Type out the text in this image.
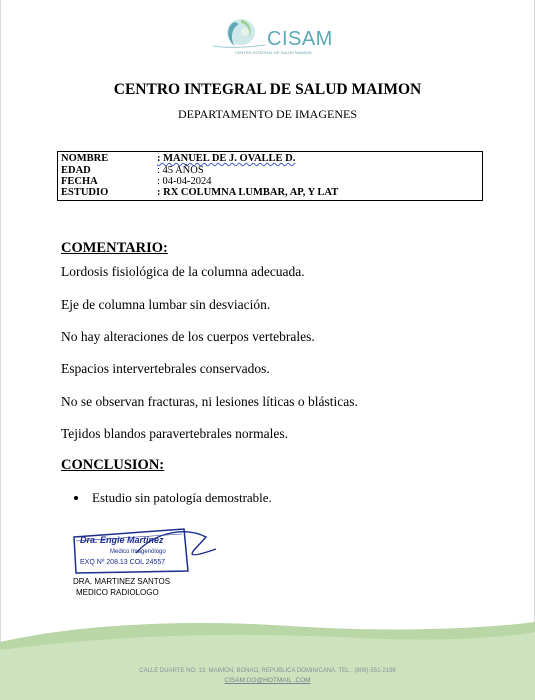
CISAM
CENTRO INTEGRAL DE SALUD MAIMON
CENTRO INTEGRAL DE SALUD MAIMON
DEPARTAMENTO DE IMAGENES
NOMBRE	: MANUEL DE J. OVALLE D.
EDAD	: 45 AÑOS
FECHA	: 04-04-2024
ESTUDIO	: RX COLUMNA LUMBAR, AP, Y LAT
COMENTARIO:
Lordosis fisiológica de la columna adecuada.
Eje de columna lumbar sin desviación.
No hay alteraciones de los cuerpos vertebrales.
Espacios intervertebrales conservados.
No se observan fracturas, ni lesiones líticas o blásticas.
Tejidos blandos paravertebrales normales.
CONCLUSION:
Estudio sin patología demostrable.
Dra. Engie Martinez
Medico Imagenólogo
EXQ Nº 208.13 COL 24557
DRA. MARTINEZ SANTOS
MEDICO RADIOLOGO
CALLE DUARTE NO. 13, MAIMÓN, BONAO, REPUBLICA DOMINICANA, TEL.: (809)-551-2196
CISAM.DO@HOTMAIL .COM
